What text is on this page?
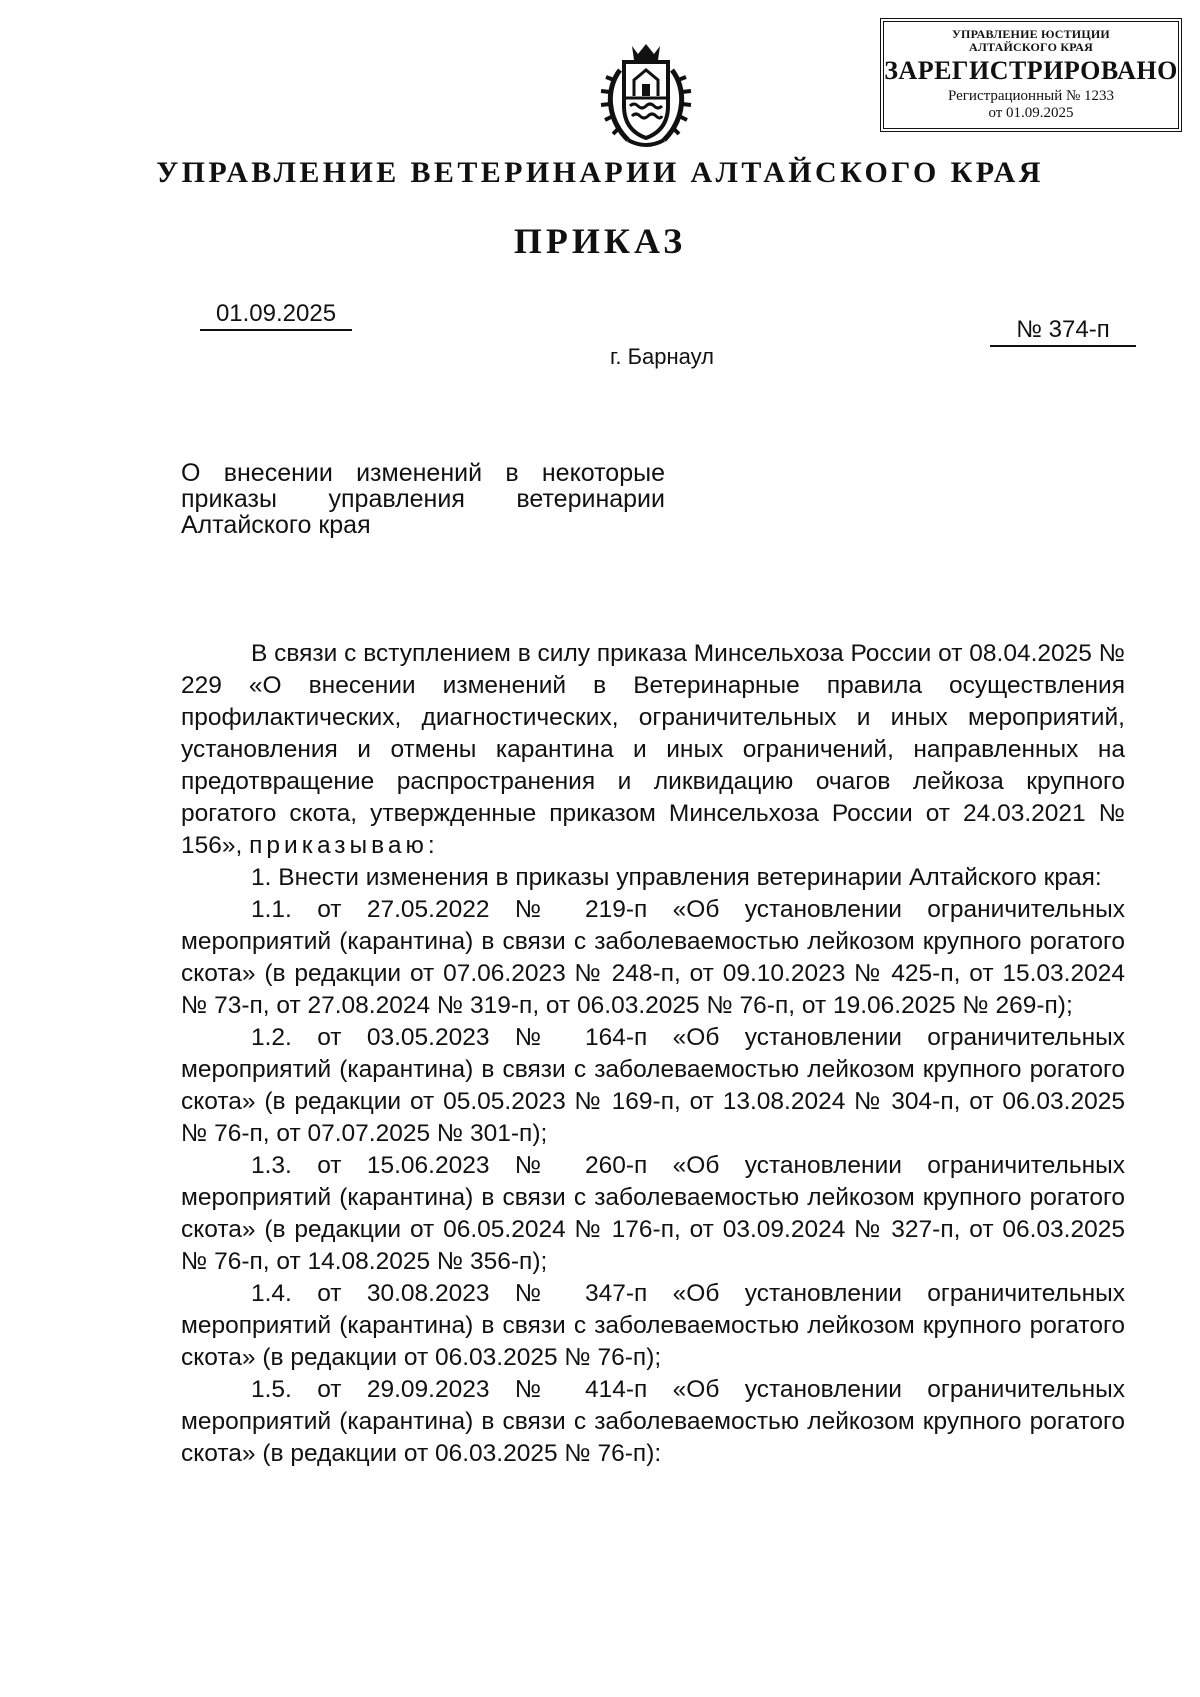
УПРАВЛЕНИЕ ЮСТИЦИИ
АЛТАЙСКОГО КРАЯ
ЗАРЕГИСТРИРОВАНО
Регистрационный № 1233
от 01.09.2025
УПРАВЛЕНИЕ ВЕТЕРИНАРИИ АЛТАЙСКОГО КРАЯ
ПРИКАЗ
01.09.2025
№ 374-п
г. Барнаул
О внесении изменений в некоторые
приказы управления ветеринарии
Алтайского края

В связи с вступлением в силу приказа Минсельхоза России от 08.04.2025 № 229 «О внесении изменений в Ветеринарные правила осуществления профилактических, диагностических, ограничительных и иных мероприятий, установления и отмены карантина и иных ограничений, направленных на предотвращение распространения и ликвидацию очагов лейкоза крупного рогатого скота, утвержденные приказом Минсельхоза России от 24.03.2021 № 156», приказываю:

1. Внести изменения в приказы управления ветеринарии Алтайского края:

1.1. от 27.05.2022 № 219-п «Об установлении ограничительных мероприятий (карантина) в связи с заболеваемостью лейкозом крупного рогатого скота» (в редакции от 07.06.2023 № 248-п, от 09.10.2023 № 425-п, от 15.03.2024 № 73-п, от 27.08.2024 № 319-п, от 06.03.2025 № 76-п, от 19.06.2025 № 269-п);

1.2. от 03.05.2023 № 164-п «Об установлении ограничительных мероприятий (карантина) в связи с заболеваемостью лейкозом крупного рогатого скота» (в редакции от 05.05.2023 № 169-п, от 13.08.2024 № 304-п, от 06.03.2025 № 76-п, от 07.07.2025 № 301-п);

1.3. от 15.06.2023 № 260-п «Об установлении ограничительных мероприятий (карантина) в связи с заболеваемостью лейкозом крупного рогатого скота» (в редакции от 06.05.2024 № 176-п, от 03.09.2024 № 327-п, от 06.03.2025 № 76-п, от 14.08.2025 № 356-п);

1.4. от 30.08.2023 № 347-п «Об установлении ограничительных мероприятий (карантина) в связи с заболеваемостью лейкозом крупного рогатого скота» (в редакции от 06.03.2025 № 76-п);

1.5. от 29.09.2023 № 414-п «Об установлении ограничительных мероприятий (карантина) в связи с заболеваемостью лейкозом крупного рогатого скота» (в редакции от 06.03.2025 № 76-п):
